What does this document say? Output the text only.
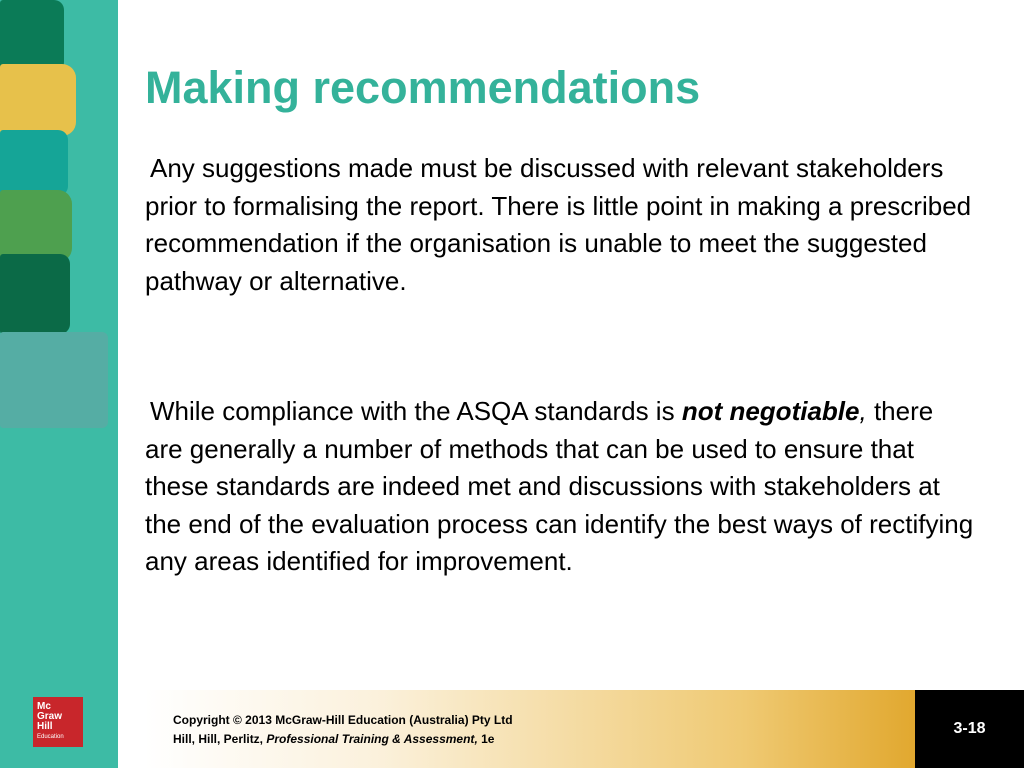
Mc
Graw
Hill
Education
Making recommendations

Any suggestions made must be discussed with relevant stakeholders prior to formalising the report. There is little point in making a prescribed recommendation if the organisation is unable to meet the suggested pathway or alternative.

While compliance with the ASQA standards is not negotiable, there are generally a number of methods that can be used to ensure that these standards are indeed met and discussions with stakeholders at the end of the evaluation process can identify the best ways of rectifying any areas identified for improvement.

Copyright © 2013 McGraw-Hill Education (Australia) Pty Ltd
Hill, Hill, Perlitz, Professional Training & Assessment, 1e

3-18
